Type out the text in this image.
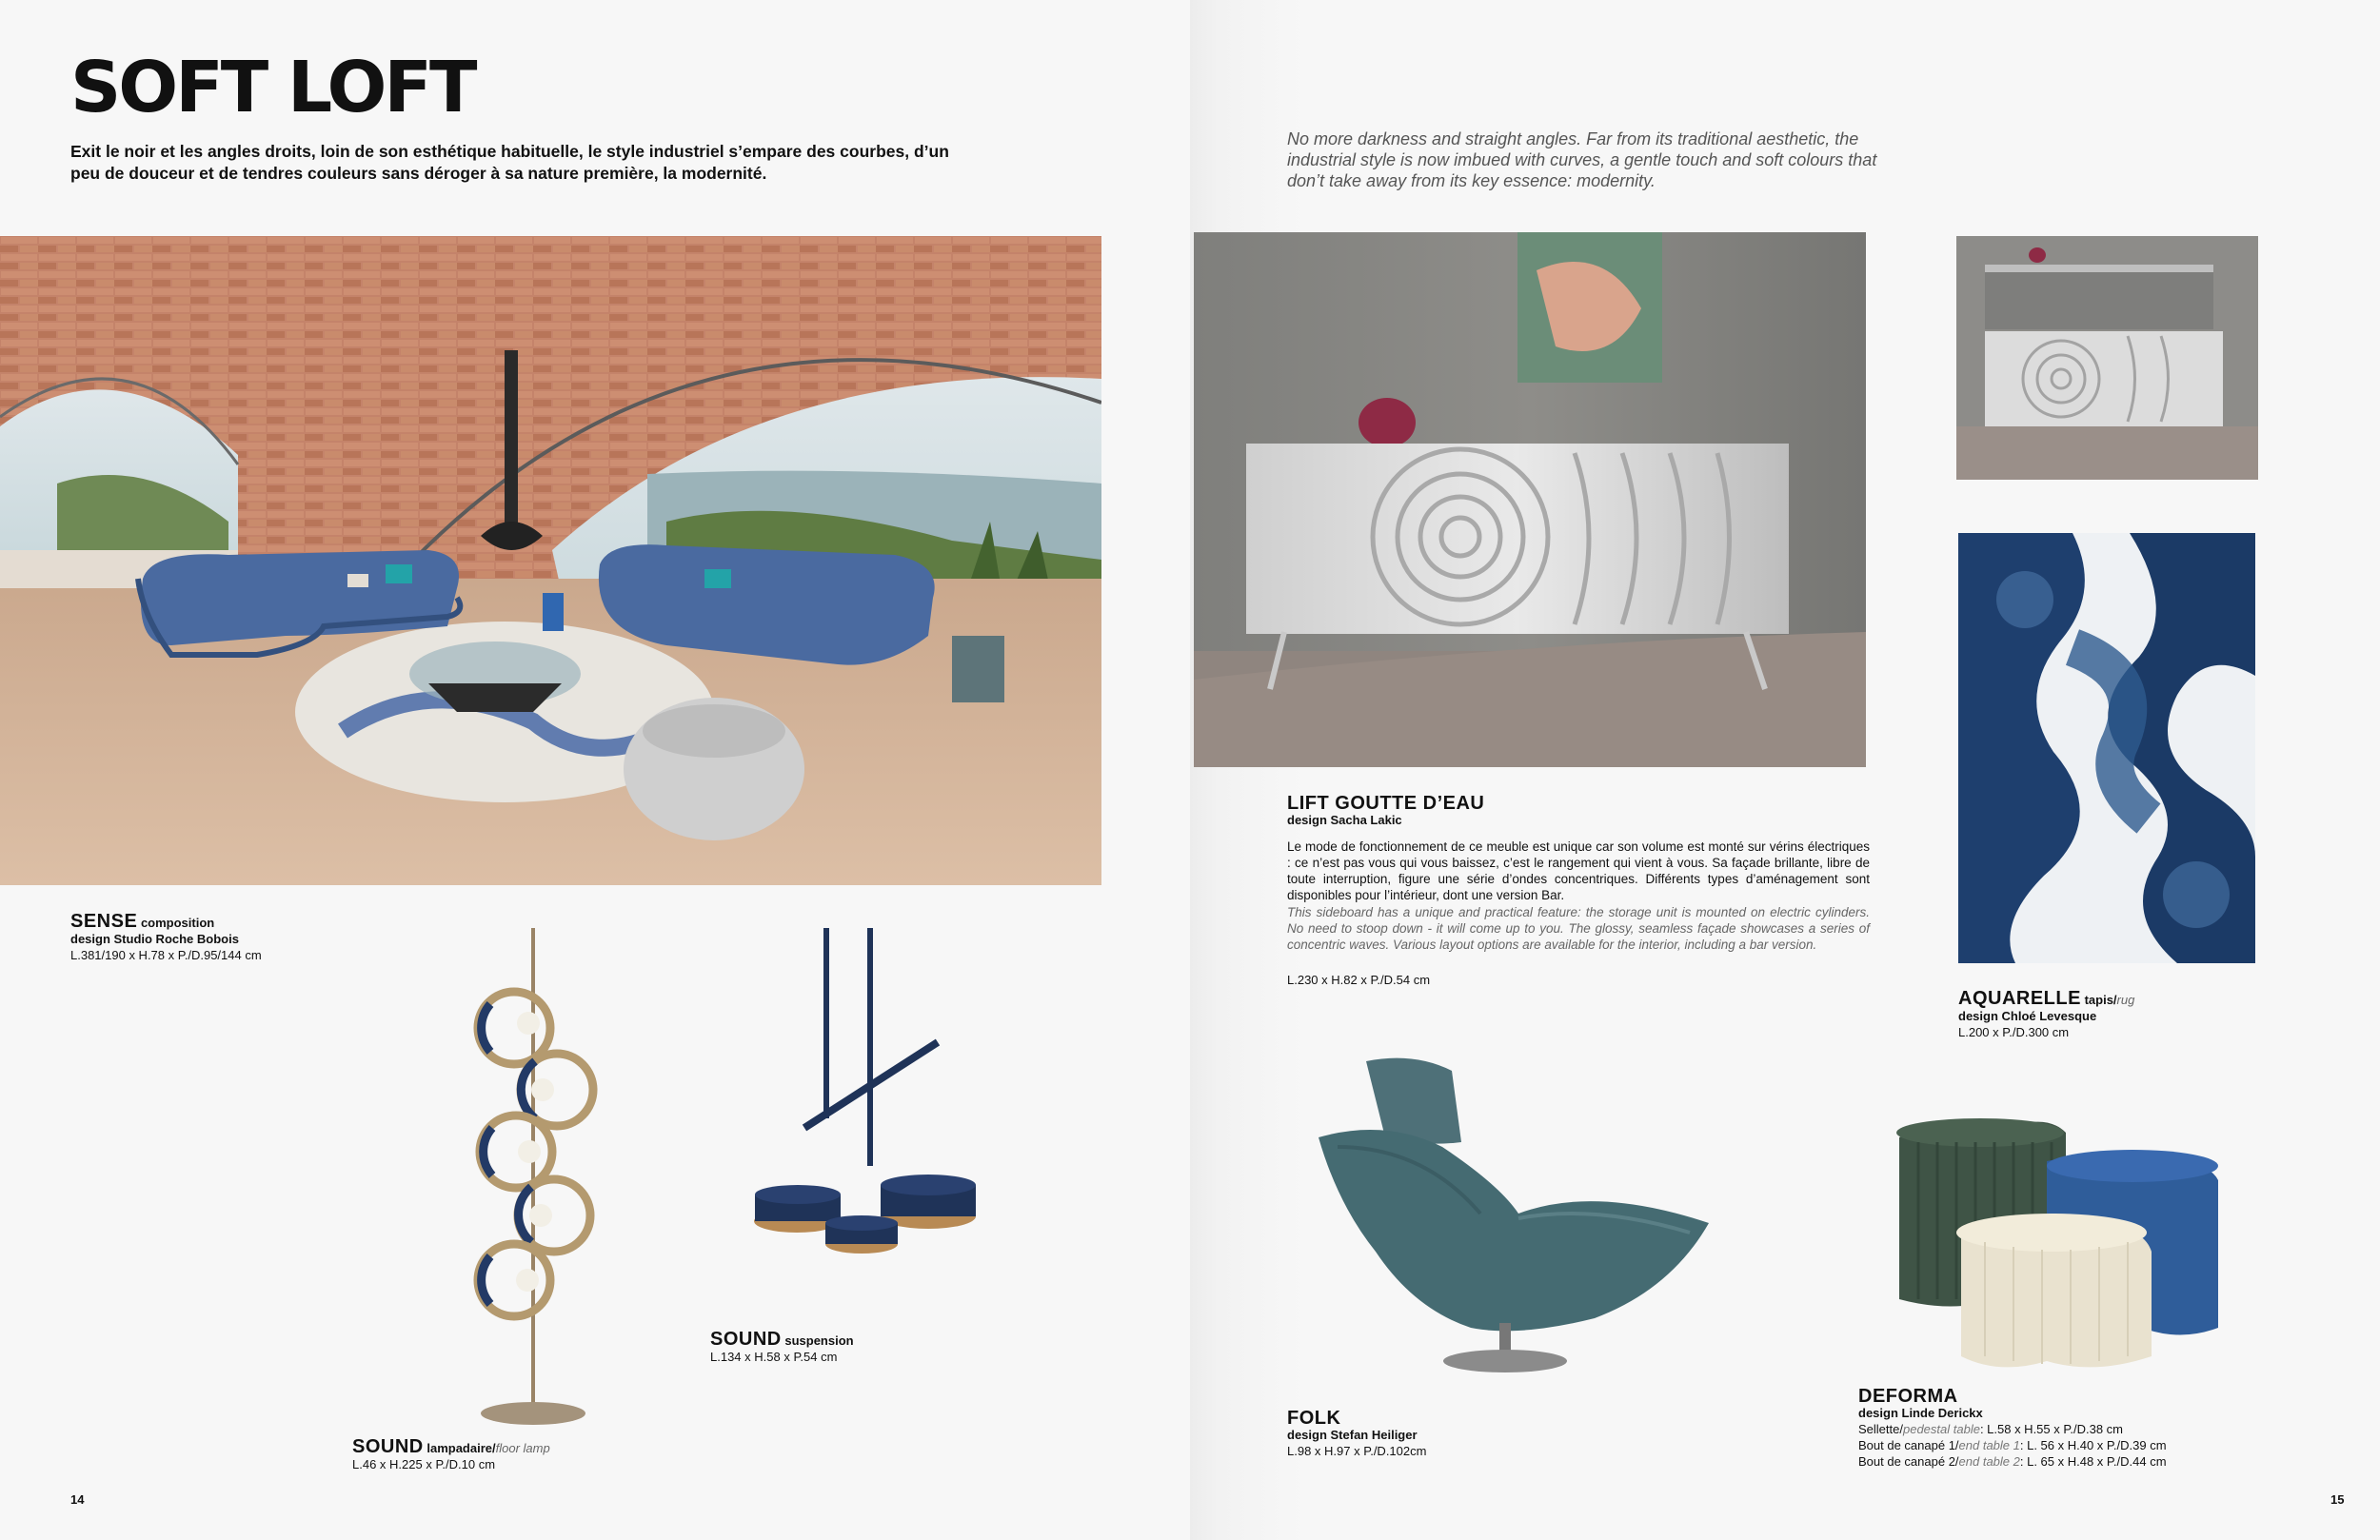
SOFT LOFT

Exit le noir et les angles droits, loin de son esthétique habituelle, le style industriel s’empare des courbes, d’un peu de douceur et de tendres couleurs sans déroger à sa nature première, la modernité.

SENSE composition
design Studio Roche Bobois
L.381/190 x H.78 x P./D.95/144 cm
SOUND lampadaire/floor lamp
L.46 x H.225 x P./D.10 cm
SOUND suspension
L.134 x H.58 x P.54 cm
14

No more darkness and straight angles. Far from its traditional aesthetic, the industrial style is now imbued with curves, a gentle touch and soft colours that don’t take away from its key essence: modernity.

LIFT GOUTTE D’EAU
design Sacha Lakic

Le mode de fonctionnement de ce meuble est unique car son volume est monté sur vérins électriques : ce n’est pas vous qui vous baissez, c’est le rangement qui vient à vous. Sa façade brillante, libre de toute interruption, figure une série d’ondes concentriques. Différents types d’aménagement sont disponibles pour l’intérieur, dont une version Bar.

This sideboard has a unique and practical feature: the storage unit is mounted on electric cylinders. No need to stoop down - it will come up to you. The glossy, seamless façade showcases a series of concentric waves. Various layout options are available for the interior, including a bar version.

L.230 x H.82 x P./D.54 cm
AQUARELLE tapis/rug
design Chloé Levesque
L.200 x P./D.300 cm
FOLK
design Stefan Heiliger
L.98 x H.97 x P./D.102cm
DEFORMA
design Linde Derickx
Sellette/pedestal table: L.58 x H.55 x P./D.38 cm
Bout de canapé 1/end table 1: L. 56 x H.40 x P./D.39 cm
Bout de canapé 2/end table 2: L. 65 x H.48 x P./D.44 cm
15
